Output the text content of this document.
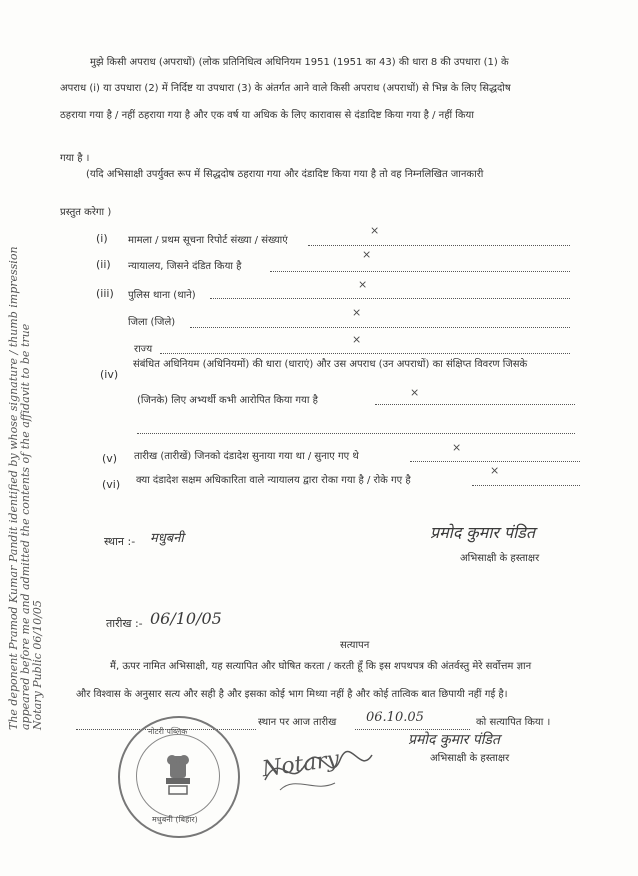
The deponent Pramod Kumar Pandit identified by whose signature / thumb impression appeared before me and admitted the contents of the affidavit to be true Notary Public 06/10/05
मुझे किसी अपराध (अपराधों) (लोक प्रतिनिधित्व अधिनियम 1951 (1951 का 43) की धारा 8 की उपधारा (1) के
अपराध (i) या उपधारा (2) में निर्दिष्ट या उपधारा (3) के अंतर्गत आने वाले किसी अपराध (अपराधों) से भिन्न के लिए सिद्धदोष
ठहराया गया है / नहीं ठहराया गया है और एक वर्ष या अधिक के लिए कारावास से दंडादिष्ट किया गया है / नहीं किया
गया है ।
(यदि अभिसाक्षी उपर्युक्त रूप में सिद्धदोष ठहराया गया और दंडादिष्ट किया गया है तो वह निम्नलिखित जानकारी
प्रस्तुत करेगा )
(i) मामला / प्रथम सूचना रिपोर्ट संख्या / संख्याएं
×
(ii) न्यायालय, जिसने दंडित किया है
×
(iii) पुलिस थाना (थाने)
×
जिला (जिले)
×
राज्य
×
(iv)
संबंधित अधिनियम (अधिनियमों) की धारा (धाराएं) और उस अपराध (उन अपराधों) का संक्षिप्त विवरण जिसके
(जिनके) लिए अभ्यर्थी कभी आरोपित किया गया है
×
(v) तारीख (तारीखें) जिनको दंडादेश सुनाया गया था / सुनाए गए थे
×
(vi) क्या दंडादेश सक्षम अधिकारिता वाले न्यायालय द्वारा रोका गया है / रोके गए है
×
स्थान :- मधुबनी	प्रमोद कुमार पंडित
अभिसाक्षी के हस्ताक्षर
तारीख :- 06/10/05
सत्यापन
मैं, ऊपर नामित अभिसाक्षी, यह सत्यापित और घोषित करता / करती हूँ कि इस शपथपत्र की अंतर्वस्तु मेरे सर्वोत्तम ज्ञान
और विश्वास के अनुसार सत्य और सही है और इसका कोई भाग मिथ्या नहीं है और कोई तात्विक बात छिपायी नहीं गई है।
स्थान पर आज तारीख 06.10.05	को सत्यापित किया ।
प्रमोद कुमार पंडित
अभिसाक्षी के हस्ताक्षर
नोटरी पब्लिक
मधुबनी (बिहार)
Notary
